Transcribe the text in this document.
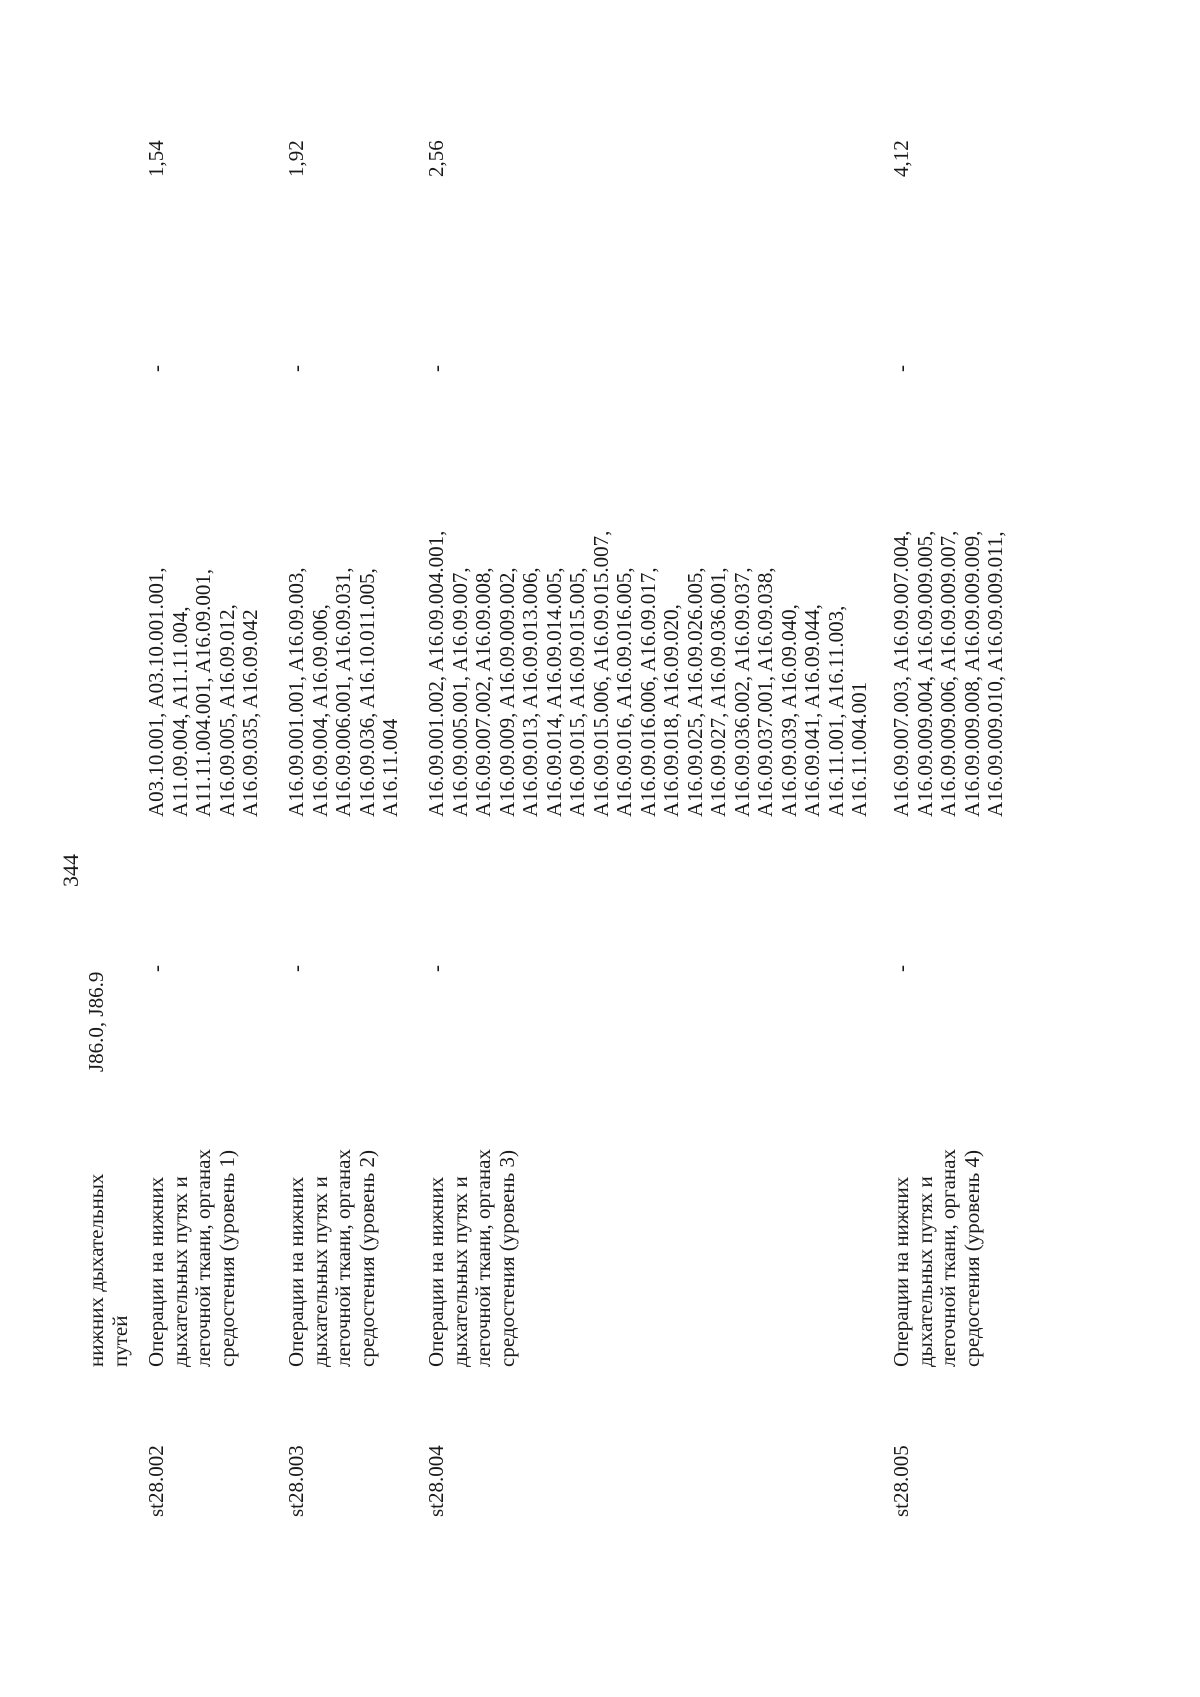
344
нижних дыхательных путей
J86.0, J86.9
st28.002
Операции на нижних дыхательных путях и легочной ткани, органах средостения (уровень 1)
-
A03.10.001, A03.10.001.001, A11.09.004, A11.11.004, A11.11.004.001, A16.09.001, A16.09.005, A16.09.012, A16.09.035, A16.09.042
-
1,54
st28.003
Операции на нижних дыхательных путях и легочной ткани, органах средостения (уровень 2)
-
A16.09.001.001, A16.09.003, A16.09.004, A16.09.006, A16.09.006.001, A16.09.031, A16.09.036, A16.10.011.005, A16.11.004
-
1,92
st28.004
Операции на нижних дыхательных путях и легочной ткани, органах средостения (уровень 3)
-
A16.09.001.002, A16.09.004.001, A16.09.005.001, A16.09.007, A16.09.007.002, A16.09.008, A16.09.009, A16.09.009.002, A16.09.013, A16.09.013.006, A16.09.014, A16.09.014.005, A16.09.015, A16.09.015.005, A16.09.015.006, A16.09.015.007, A16.09.016, A16.09.016.005, A16.09.016.006, A16.09.017, A16.09.018, A16.09.020, A16.09.025, A16.09.026.005, A16.09.027, A16.09.036.001, A16.09.036.002, A16.09.037, A16.09.037.001, A16.09.038, A16.09.039, A16.09.040, A16.09.041, A16.09.044, A16.11.001, A16.11.003, A16.11.004.001
-
2,56
st28.005
Операции на нижних дыхательных путях и легочной ткани, органах средостения (уровень 4)
-
A16.09.007.003, A16.09.007.004, A16.09.009.004, A16.09.009.005, A16.09.009.006, A16.09.009.007, A16.09.009.008, A16.09.009.009, A16.09.009.010, A16.09.009.011,
-
4,12
